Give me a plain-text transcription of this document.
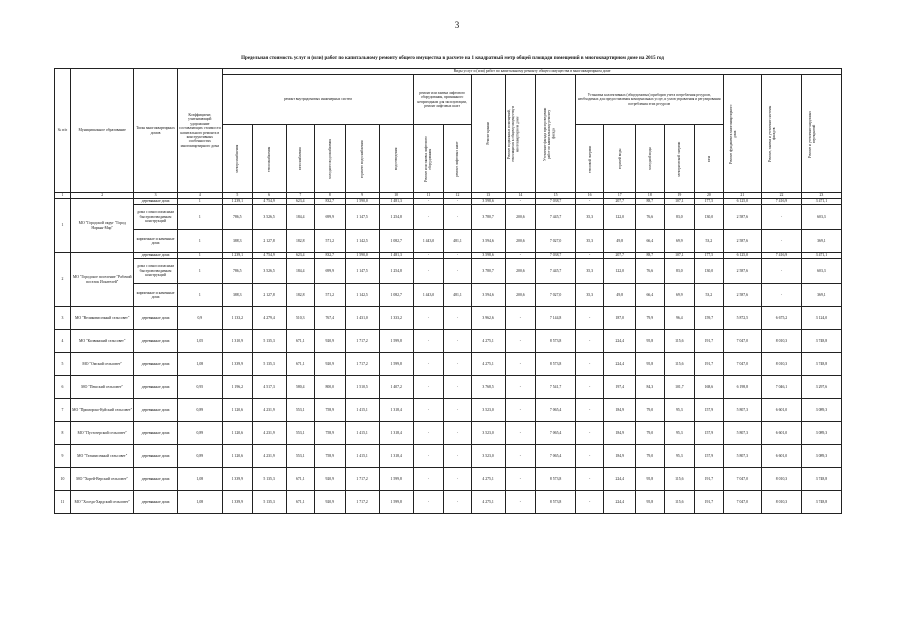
3
Предельная стоимость услуг и (или) работ по капитальному ремонту общего имущества в расчете на 1 квадратный метр общей площади помещений в многоквартирном доме на 2015 год
№ п/п	Муниципальное образование	Типы многоквартирных домов	Коэффициент, учитывающий удорожание составляющих стоимости капитального ремонта в конструктивных особенностях многоквартирного дома	Виды услуг и (или) работ по капитальному ремонту общего имущества в многоквартирном доме																		
				ремонт внутридомовых инженерных систем						ремонт или замена лифтового оборудования, признанного непригодным для эксплуатации, ремонт лифтовых шахт		Ремонт крыши	Ремонт подвальных помещений, относящихся к общему имуществу в многоквартирном доме	Утепление фасада при проведении работ по капитальному ремонту фасада	Установка коллективных (общедомовых) приборов учета потребления ресурсов, необходимых для предоставления коммунальных услуг, и узлов управления и регулирования потребления этих ресурсов					Ремонт фундамента многоквартирного дома	Ремонт, замена и утепление системы фасадов	Ремонт и утепление наружных перекрытий

				электроснабжения	теплоснабжения	газоснабжения	холодного водоснабжения	горячего водоснабжения	водоотведения	Ремонт или замена лифтового оборудования	ремонт лифтовых шахт				тепловой энергии	горячей воды	холодной воды	электрической энергии	газа			

1	2	3	4	5	6	7	8	9	10	11	12	13	14	15	16	17	18	19	20	21	22	23
1	МО "Городской округ "Город Нарьян-Мар"	деревянные дома	1	1 239,1	4 754,9	623,4	832,7	1 590,0	1 481,3	-	-	3 598,6	-	7 038,7	-	207,7	88,7	107,1	177,5	6 125,0	7 416,9	3 471,1
		дома с износоопасным быстровозводимым конструкций	1	786,5	3 526,5	184,4	699,9	1 147,5	1 254,8	-	-	3 780,7	200,6	7 445,7	35,3	122,0	76,6	83,0	130,0	2 587,6	-	603,3
		кирпичные и каменные дома	1	388,3	2 127,8	182,8	571,2	1 142,5	1 082,7	1 443,0	481,1	3 594,6	200,6	7 027,0	35,3	49,8	66,4	69,9	53,2	2 587,6	-	369,1
2	МО "Городское поселение "Рабочий поселок Искателей"	деревянные дома	1	1 239,1	4 754,9	623,4	832,7	1 590,0	1 481,3	-	-	3 598,6	-	7 038,7	-	207,7	88,7	107,1	177,5	6 125,0	7 416,9	3 471,1
		дома с износоопасным быстровозводимым конструкций	1	786,5	3 526,5	184,4	699,9	1 147,5	1 254,8	-	-	3 780,7	200,6	7 445,7	35,3	122,0	76,6	83,0	130,0	2 587,6	-	603,3
		кирпичные и каменные дома	1	388,3	2 127,8	182,8	571,2	1 142,5	1 082,7	1 443,0	481,1	3 594,6	200,6	7 027,0	35,3	49,8	66,4	69,9	53,2	2 587,6	-	369,1
3	МО "Великовисочный сельсовет"	деревянные дома	0,9	1 133,2	4 279,4	510,3	767,4	1 431,0	1 333,2	-	-	3 962,6	-	7 144,8	-	187,0	79,9	96,4	159,7	5 872,5	6 675,2	3 124,0
4	МО "Колвинский сельсовет"	деревянные дома	1,05	1 310,9	5 135,3	671,1	920,9	1 717,2	1 599,8	-	-	4 275,1	-	8 573,8	-	224,4	95,8	115,6	191,7	7 047,0	8 010,3	3 748,8
5	МО "Омский сельсовет"	деревянные дома	1,08	1 339,9	5 135,3	671,1	920,9	1 717,2	1 599,8	-	-	4 275,1	-	8 573,8	-	224,4	95,8	115,6	191,7	7 047,0	8 010,3	3 748,8
6	МО "Пешский сельсовет"	деревянные дома	0,95	1 196,2	4 517,3	580,4	800,0	1 510,5	1 407,2	-	-	3 768,5	-	7 541,7	-	197,4	84,3	101,7	168,6	6 198,8	7 046,1	3 297,6
7	МО "Приморско-Куйский сельсовет"	деревянные дома	0,89	1 120,6	4 231,9	553,1	758,9	1 415,1	1 318,4	-	-	3 523,0	-	7 065,4	-	184,9	79,0	95,3	157,9	5 807,3	6 601,0	3 089,3
8	МО "Пустозерский сельсовет"	деревянные дома	0,89	1 120,6	4 231,9	553,1	758,9	1 415,1	1 318,4	-	-	3 523,0	-	7 065,4	-	184,9	79,0	95,3	157,9	5 807,3	6 601,0	3 089,3
9	МО "Тельвисочный сельсовет"	деревянные дома	0,89	1 120,6	4 231,9	553,1	758,9	1 415,1	1 318,4	-	-	3 523,0	-	7 065,4	-	184,9	79,0	95,3	157,9	5 807,3	6 601,0	3 089,3
10	МО "Хорей-Верский сельсовет"	деревянные дома	1,08	1 339,9	5 135,3	671,1	920,9	1 717,2	1 599,8	-	-	4 275,1	-	8 573,8	-	224,4	95,8	115,6	191,7	7 047,0	8 010,3	3 748,8
11	МО "Хоседа-Хардский сельсовет"	деревянные дома	1,08	1 339,9	5 135,3	671,1	920,9	1 717,2	1 599,8	-	-	4 275,1	-	8 573,8	-	224,4	95,8	115,6	191,7	7 047,0	8 010,3	3 748,8
